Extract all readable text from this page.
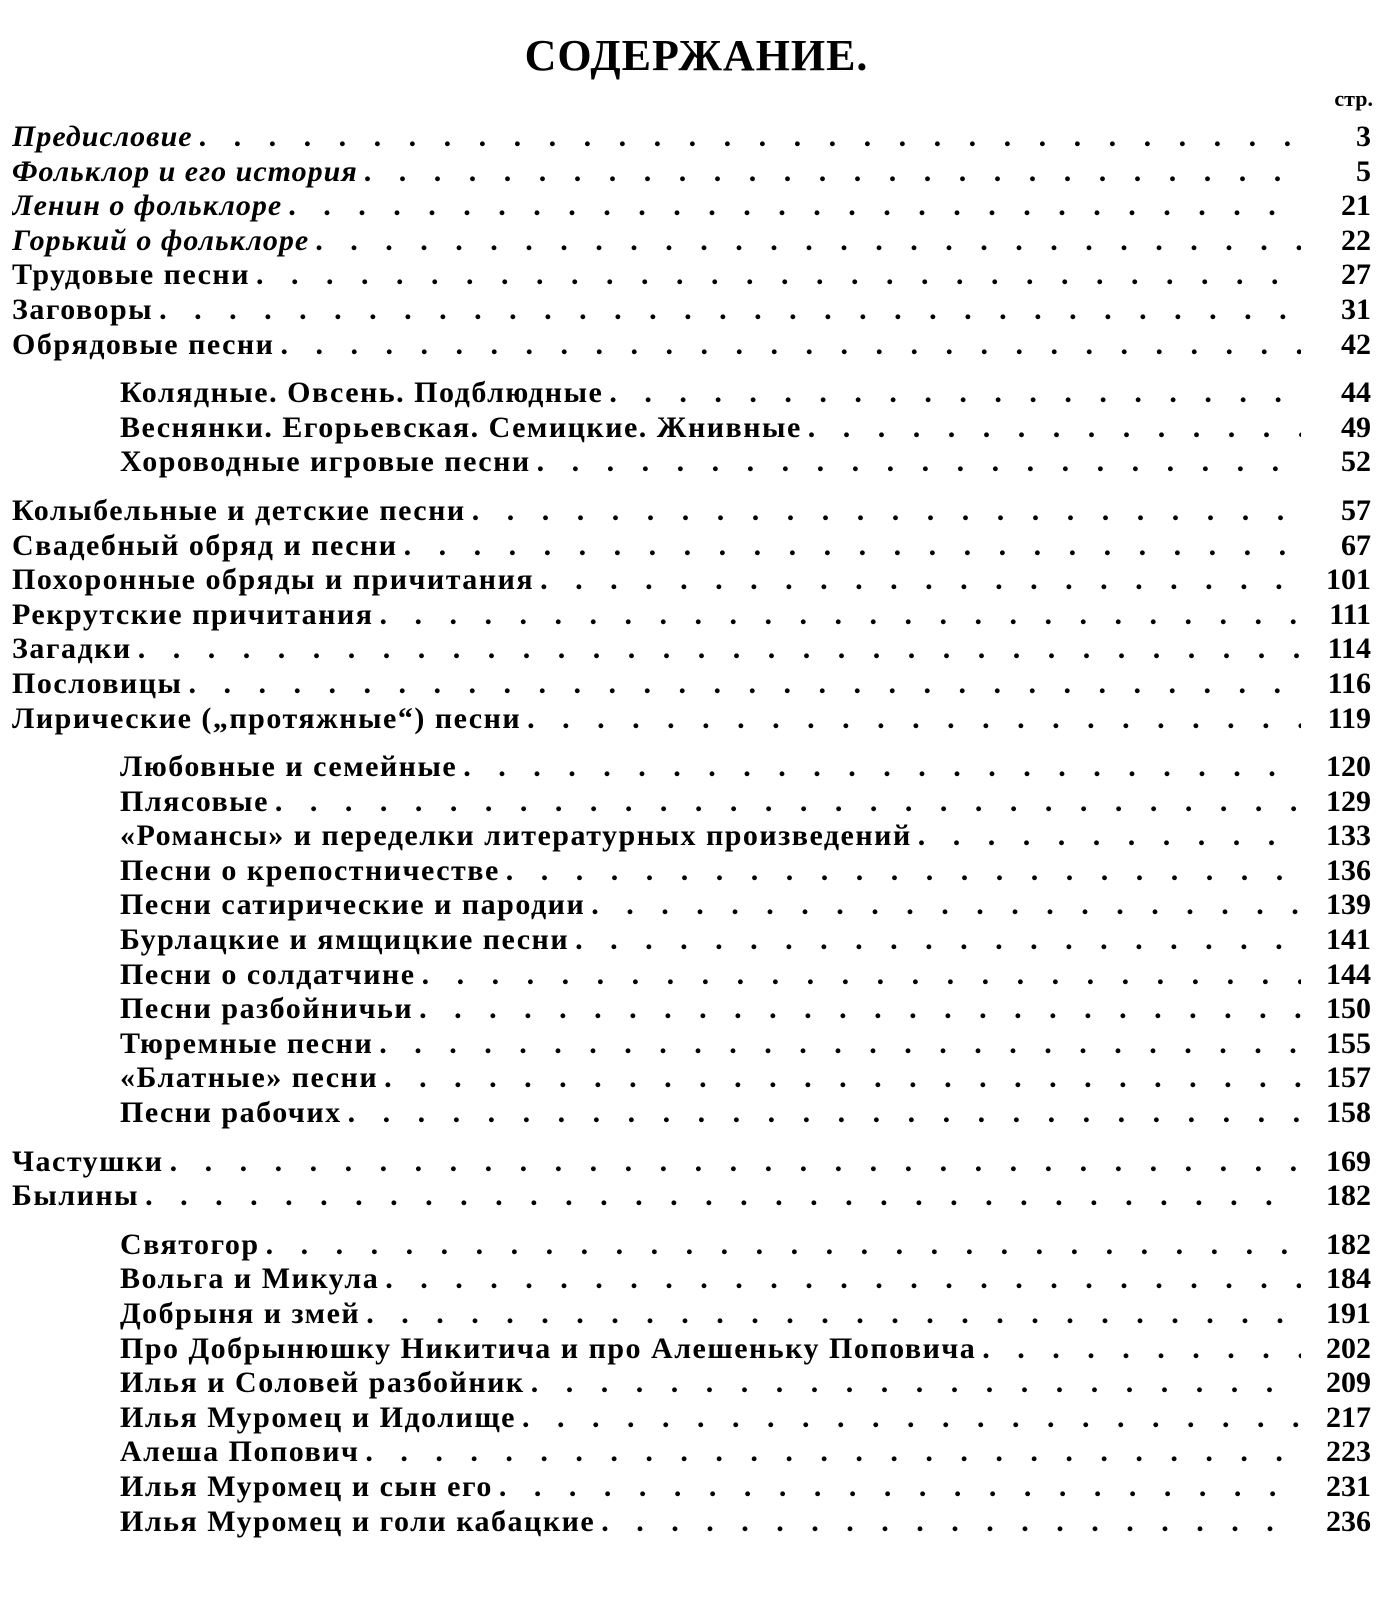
СОДЕРЖАНИЕ.
стр.
Предисловие . . .	3
Фольклор и его история . . .	5
Ленин о фольклоре . . .	21
Горький о фольклоре . . .	22
Трудовые песни . . .	27
Заговоры . . .	31
Обрядовые песни . . .	42
Колядные. Овсень. Подблюдные . . .	44
Веснянки. Егорьевская. Семицкие. Жнивные . . .	49
Хороводные игровые песни . . .	52
Колыбельные и детские песни . . .	57
Свадебный обряд и песни . . .	67
Похоронные обряды и причитания . . .	101
Рекрутские причитания . . .	111
Загадки . . .	114
Пословицы . . .	116
Лирические („протяжные“) песни . . .	119
Любовные и семейные . . .	120
Плясовые . . .	129
«Романсы» и переделки литературных произведений . . .	133
Песни о крепостничестве . . .	136
Песни сатирические и пародии . . .	139
Бурлацкие и ямщицкие песни . . .	141
Песни о солдатчине . . .	144
Песни разбойничьи . . .	150
Тюремные песни . . .	155
«Блатные» песни . . .	157
Песни рабочих . . .	158
Частушки . . .	169
Былины . . .	182
Святогор . . .	182
Вольга и Микула . . .	184
Добрыня и змей . . .	191
Про Добрынюшку Никитича и про Алешеньку Поповича . . .	202
Илья и Соловей разбойник . . .	209
Илья Муромец и Идолище . . .	217
Алеша Попович . . .	223
Илья Муромец и сын его . . .	231
Илья Муромец и голи кабацкие . . .	236
